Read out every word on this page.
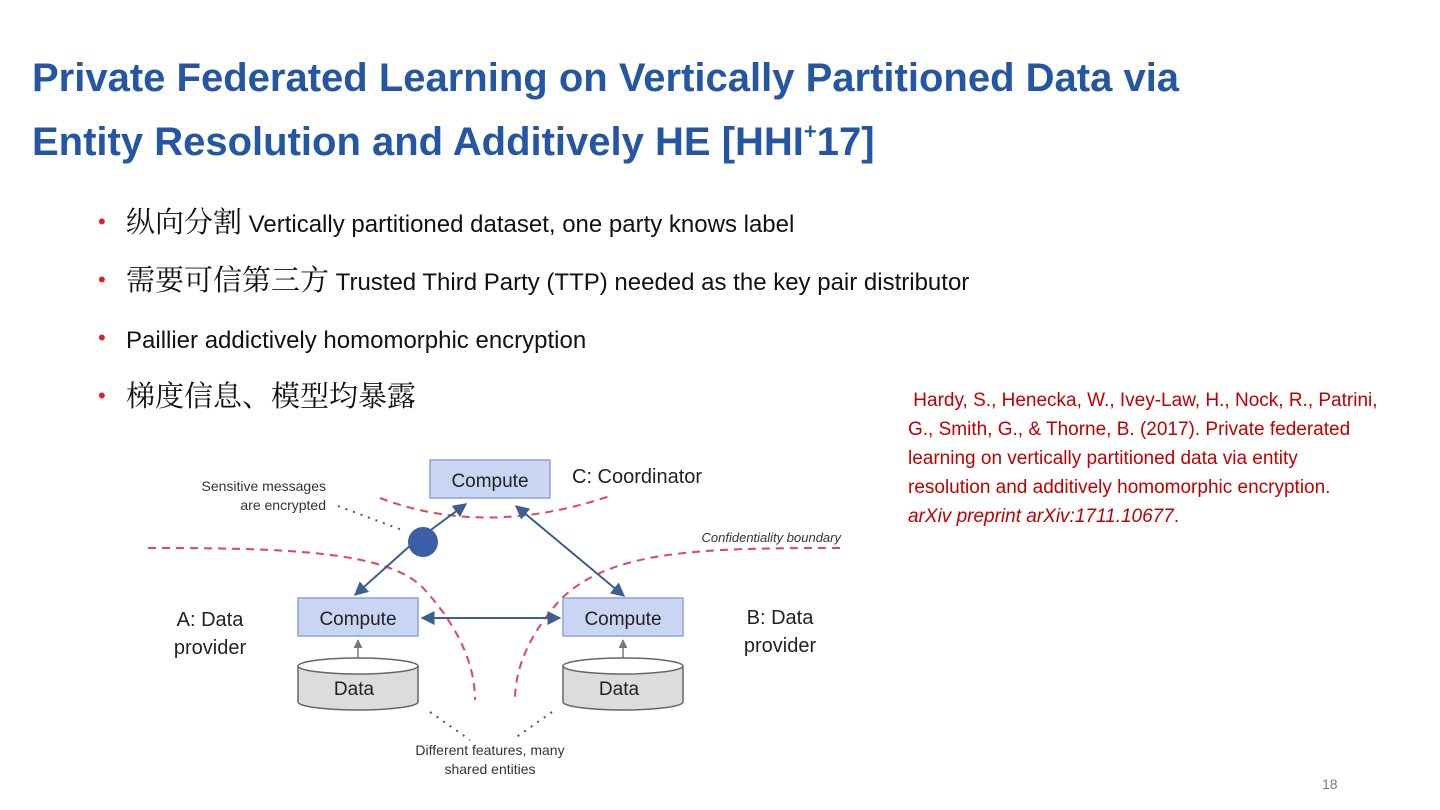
Private Federated Learning on Vertically Partitioned Data via
Entity Resolution and Additively HE [HHI+17]
• 纵向分割 Vertically partitioned dataset, one party knows label
• 需要可信第三方 Trusted Third Party (TTP) needed as the key pair distributor
• Paillier addictively homomorphic encryption
• 梯度信息、模型均暴露	Hardy, S., Henecka, W., Ivey-Law, H., Nock, R., Patrini, G., Smith, G., & Thorne, B. (2017). Private federated learning on vertically partitioned data via entity resolution and additively homomorphic encryption. arXiv preprint arXiv:1711.10677.
Compute
Compute	Compute
Data	Data
C: Coordinator
Sensitive messages
are encrypted
Confidentiality boundary
A: Data
provider
B: Data
provider
Different features, many
shared entities
18
